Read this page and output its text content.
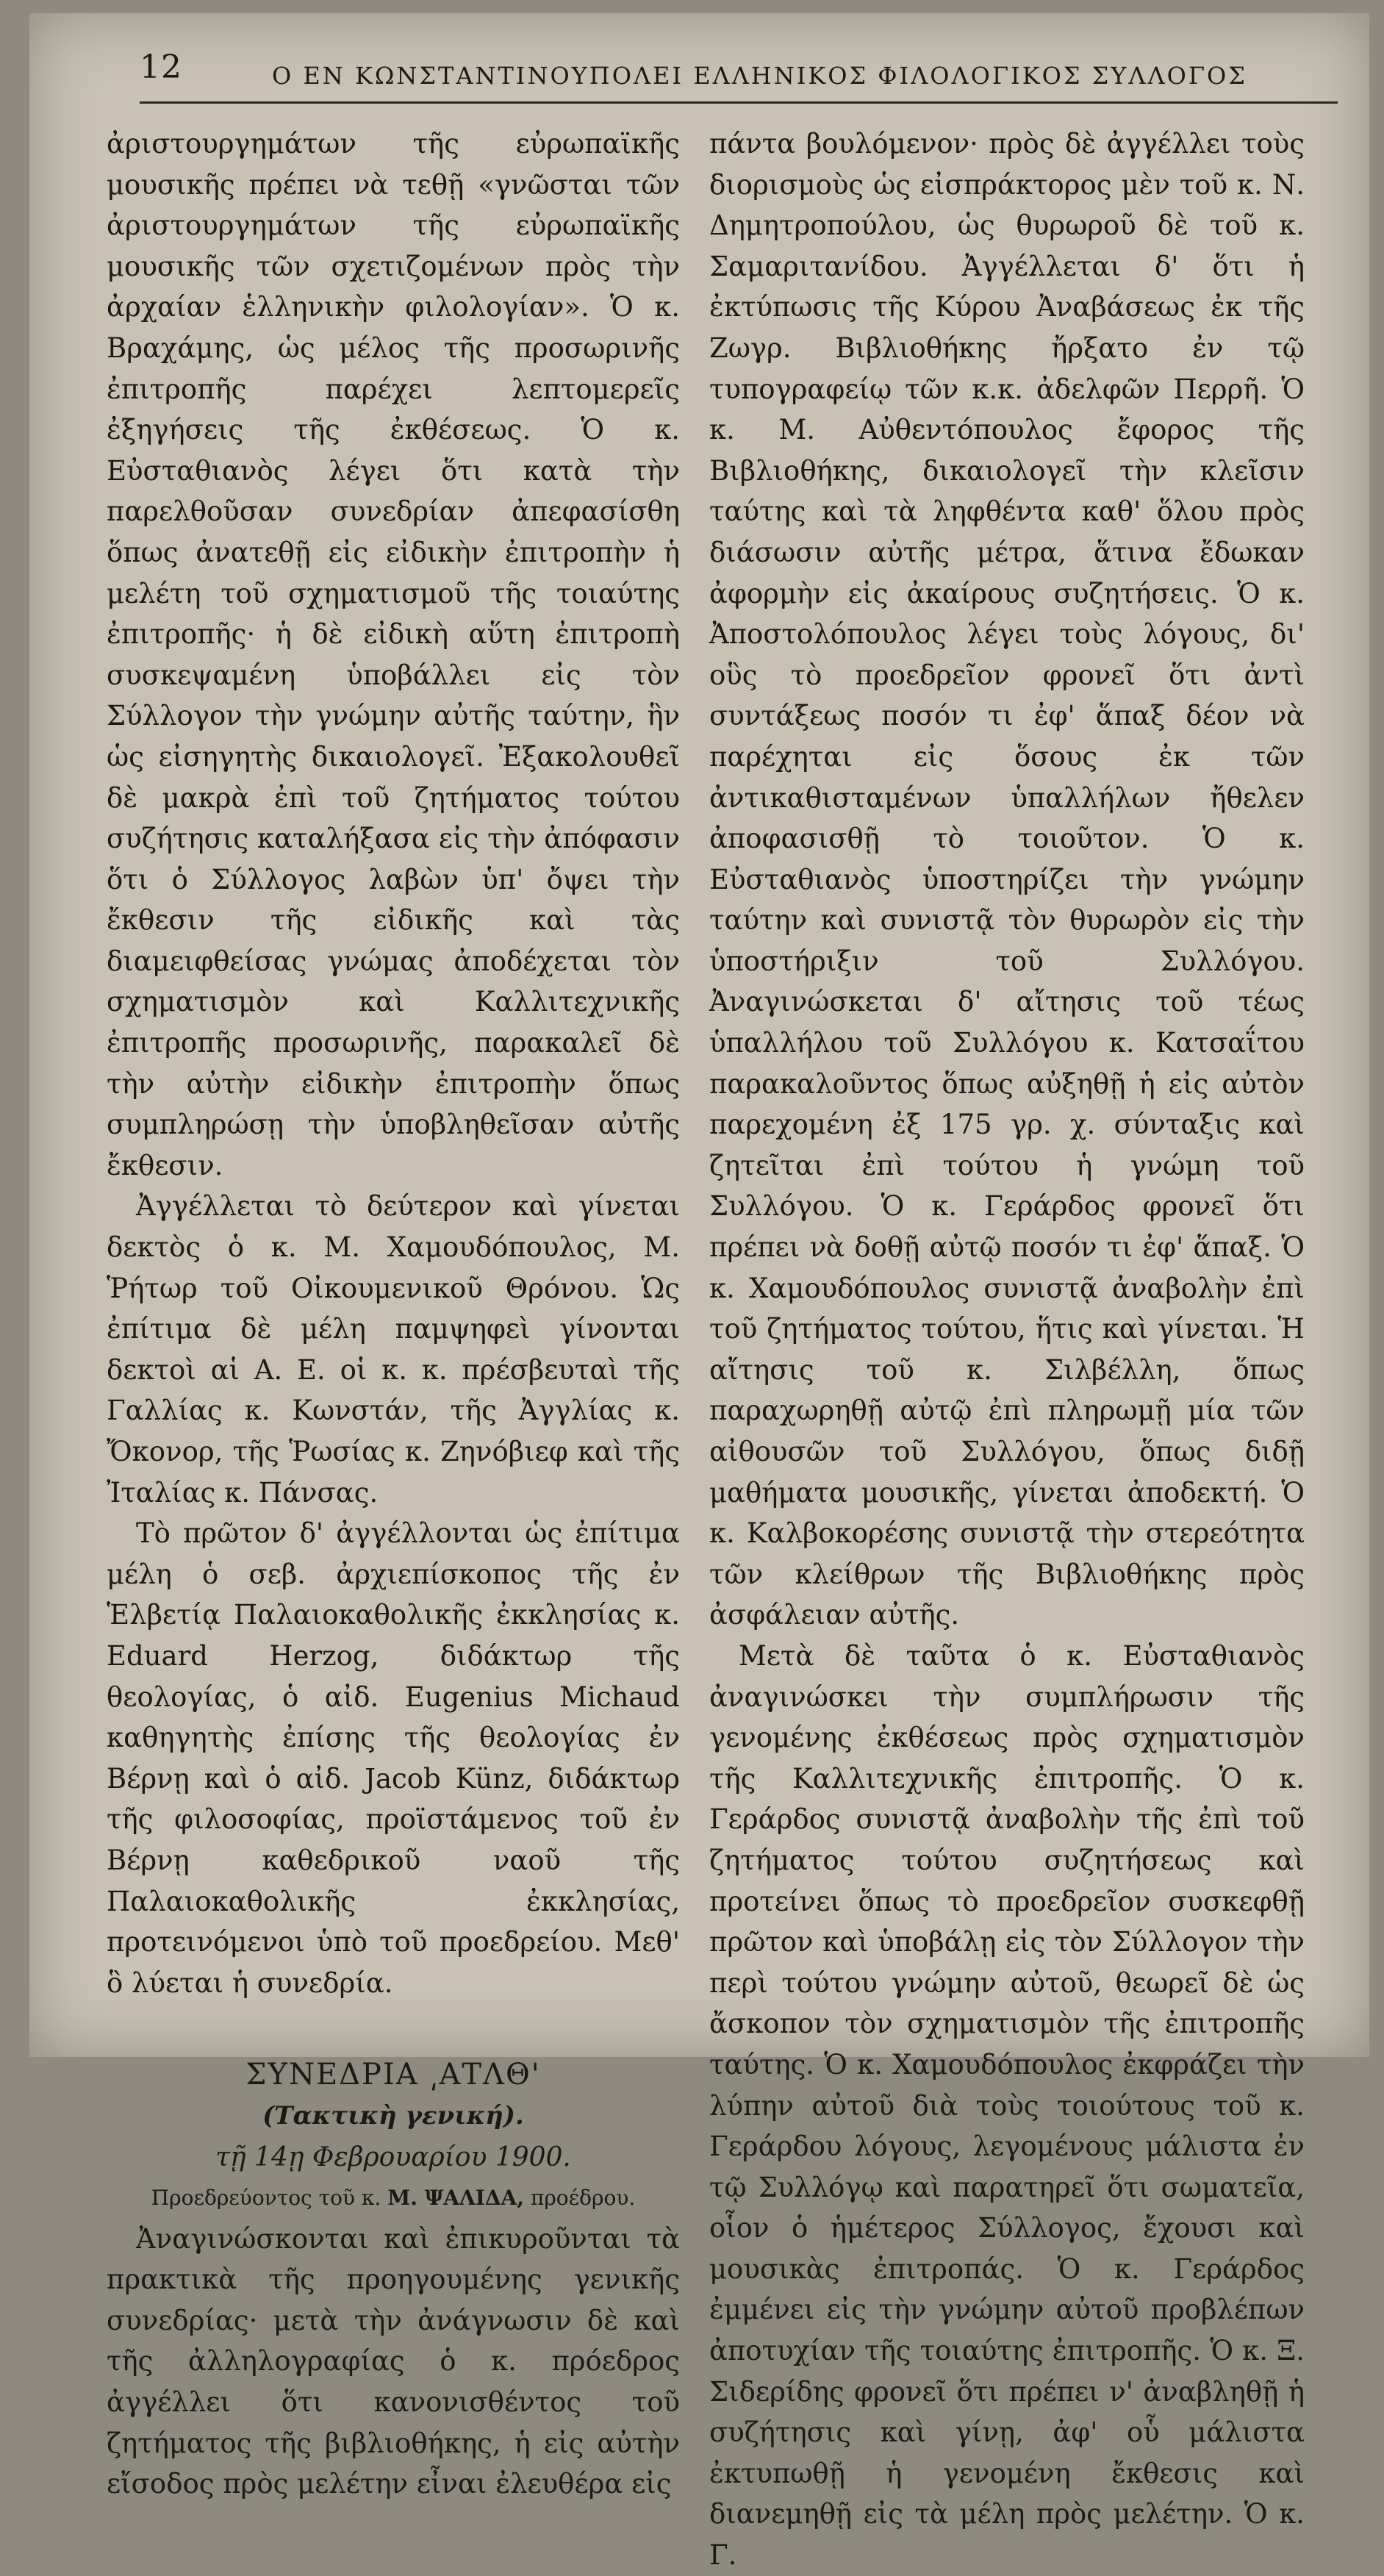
12	Ο ΕΝ ΚΩΝΣΤΑΝΤΙΝΟΥΠΟΛΕΙ ΕΛΛΗΝΙΚΟΣ ΦΙΛΟΛΟΓΙΚΟΣ ΣΥΛΛΟΓΟΣ

ἀριστουργημάτων τῆς εὐρωπαϊκῆς μουσικῆς πρέπει νὰ τεθῇ «γνῶσται τῶν ἀριστουργημάτων τῆς εὐρωπαϊκῆς μουσικῆς τῶν σχετιζομένων πρὸς τὴν ἀρχαίαν ἑλληνικὴν φιλολογίαν». Ὁ κ. Βραχάμης, ὡς μέλος τῆς προσωρινῆς ἐπιτροπῆς παρέχει λεπτομερεῖς ἐξηγήσεις τῆς ἐκθέσεως. Ὁ κ. Εὐσταθιανὸς λέγει ὅτι κατὰ τὴν παρελθοῦσαν συνεδρίαν ἀπεφασίσθη ὅπως ἀνατεθῇ εἰς εἰδικὴν ἐπιτροπὴν ἡ μελέτη τοῦ σχηματισμοῦ τῆς τοιαύτης ἐπιτροπῆς· ἡ δὲ εἰδικὴ αὕτη ἐπιτροπὴ συσκεψαμένη ὑποβάλλει εἰς τὸν Σύλλογον τὴν γνώμην αὐτῆς ταύτην, ἣν ὡς εἰσηγητὴς δικαιολογεῖ. Ἐξακολουθεῖ δὲ μακρὰ ἐπὶ τοῦ ζητήματος τούτου συζήτησις καταλήξασα εἰς τὴν ἀπόφασιν ὅτι ὁ Σύλλογος λαβὼν ὑπ' ὄψει τὴν ἔκθεσιν τῆς εἰδικῆς καὶ τὰς διαμειφθείσας γνώμας ἀποδέχεται τὸν σχηματισμὸν καὶ Καλλιτεχνικῆς ἐπιτροπῆς προσωρινῆς, παρακαλεῖ δὲ τὴν αὐτὴν εἰδικὴν ἐπιτροπὴν ὅπως συμπληρώσῃ τὴν ὑποβληθεῖσαν αὐτῆς ἔκθεσιν.

Ἀγγέλλεται τὸ δεύτερον καὶ γίνεται δεκτὸς ὁ κ. Μ. Χαμουδόπουλος, Μ. Ῥήτωρ τοῦ Οἰκουμενικοῦ Θρόνου. Ὡς ἐπίτιμα δὲ μέλη παμψηφεὶ γίνονται δεκτοὶ αἱ Α. Ε. οἱ κ. κ. πρέσβευταὶ τῆς Γαλλίας κ. Κωνστάν, τῆς Ἀγγλίας κ. Ὄκονορ, τῆς Ῥωσίας κ. Ζηνόβιεφ καὶ τῆς Ἰταλίας κ. Πάνσας.

Τὸ πρῶτον δ' ἀγγέλλονται ὡς ἐπίτιμα μέλη ὁ σεβ. ἀρχιεπίσκοπος τῆς ἐν Ἑλβετίᾳ Παλαιοκαθολικῆς ἐκκλησίας κ. Eduard Herzog, διδάκτωρ τῆς θεολογίας, ὁ αἰδ. Eugenius Michaud καθηγητὴς ἐπίσης τῆς θεολογίας ἐν Βέρνῃ καὶ ὁ αἰδ. Jacob Künz, διδάκτωρ τῆς φιλοσοφίας, προϊστάμενος τοῦ ἐν Βέρνῃ καθεδρικοῦ ναοῦ τῆς Παλαιοκαθολικῆς ἐκκλησίας, προτεινόμενοι ὑπὸ τοῦ προεδρείου. Μεθ' ὃ λύεται ἡ συνεδρία.

ΣΥΝΕΔΡΙΑ ͵ΑΤΛΘ'

(Τακτικὴ γενική).

τῇ 14ῃ Φεβρουαρίου 1900.

Προεδρεύοντος τοῦ κ. Μ. ΨΑΛΙΔΑ, προέδρου.

Ἀναγινώσκονται καὶ ἐπικυροῦνται τὰ πρακτικὰ τῆς προηγουμένης γενικῆς συνεδρίας· μετὰ τὴν ἀνάγνωσιν δὲ καὶ τῆς ἀλληλογραφίας ὁ κ. πρόεδρος ἀγγέλλει ὅτι κανονισθέντος τοῦ ζητήματος τῆς βιβλιοθήκης, ἡ εἰς αὐτὴν εἴσοδος πρὸς μελέτην εἶναι ἐλευθέρα εἰς

πάντα βουλόμενον· πρὸς δὲ ἀγγέλλει τοὺς διορισμοὺς ὡς εἰσπράκτορος μὲν τοῦ κ. Ν. Δημητροπούλου, ὡς θυρωροῦ δὲ τοῦ κ. Σαμαριτανίδου. Ἀγγέλλεται δ' ὅτι ἡ ἐκτύπωσις τῆς Κύρου Ἀναβάσεως ἐκ τῆς Ζωγρ. Βιβλιοθήκης ἤρξατο ἐν τῷ τυπογραφείῳ τῶν κ.κ. ἀδελφῶν Περρῆ. Ὁ κ. Μ. Αὐθεντόπουλος ἔφορος τῆς Βιβλιοθήκης, δικαιολογεῖ τὴν κλεῖσιν ταύτης καὶ τὰ ληφθέντα καθ' ὅλου πρὸς διάσωσιν αὐτῆς μέτρα, ἅτινα ἔδωκαν ἀφορμὴν εἰς ἀκαίρους συζητήσεις. Ὁ κ. Ἀποστολόπουλος λέγει τοὺς λόγους, δι' οὓς τὸ προεδρεῖον φρονεῖ ὅτι ἀντὶ συντάξεως ποσόν τι ἐφ' ἅπαξ δέον νὰ παρέχηται εἰς ὅσους ἐκ τῶν ἀντικαθισταμένων ὑπαλλήλων ἤθελεν ἀποφασισθῇ τὸ τοιοῦτον. Ὁ κ. Εὐσταθιανὸς ὑποστηρίζει τὴν γνώμην ταύτην καὶ συνιστᾷ τὸν θυρωρὸν εἰς τὴν ὑποστήριξιν τοῦ Συλλόγου. Ἀναγινώσκεται δ' αἴτησις τοῦ τέως ὑπαλλήλου τοῦ Συλλόγου κ. Κατσαΐτου παρακαλοῦντος ὅπως αὐξηθῇ ἡ εἰς αὐτὸν παρεχομένη ἐξ 175 γρ. χ. σύνταξις καὶ ζητεῖται ἐπὶ τούτου ἡ γνώμη τοῦ Συλλόγου. Ὁ κ. Γεράρδος φρονεῖ ὅτι πρέπει νὰ δοθῇ αὐτῷ ποσόν τι ἐφ' ἅπαξ. Ὁ κ. Χαμουδόπουλος συνιστᾷ ἀναβολὴν ἐπὶ τοῦ ζητήματος τούτου, ἥτις καὶ γίνεται. Ἡ αἴτησις τοῦ κ. Σιλβέλλη, ὅπως παραχωρηθῇ αὐτῷ ἐπὶ πληρωμῇ μία τῶν αἰθουσῶν τοῦ Συλλόγου, ὅπως διδῇ μαθήματα μουσικῆς, γίνεται ἀποδεκτή. Ὁ κ. Καλβοκορέσης συνιστᾷ τὴν στερεότητα τῶν κλείθρων τῆς Βιβλιοθήκης πρὸς ἀσφάλειαν αὐτῆς.

Μετὰ δὲ ταῦτα ὁ κ. Εὐσταθιανὸς ἀναγινώσκει τὴν συμπλήρωσιν τῆς γενομένης ἐκθέσεως πρὸς σχηματισμὸν τῆς Καλλιτεχνικῆς ἐπιτροπῆς. Ὁ κ. Γεράρδος συνιστᾷ ἀναβολὴν τῆς ἐπὶ τοῦ ζητήματος τούτου συζητήσεως καὶ προτείνει ὅπως τὸ προεδρεῖον συσκεφθῇ πρῶτον καὶ ὑποβάλῃ εἰς τὸν Σύλλογον τὴν περὶ τούτου γνώμην αὐτοῦ, θεωρεῖ δὲ ὡς ἄσκοπον τὸν σχηματισμὸν τῆς ἐπιτροπῆς ταύτης. Ὁ κ. Χαμουδόπουλος ἐκφράζει τὴν λύπην αὐτοῦ διὰ τοὺς τοιούτους τοῦ κ. Γεράρδου λόγους, λεγομένους μάλιστα ἐν τῷ Συλλόγῳ καὶ παρατηρεῖ ὅτι σωματεῖα, οἷον ὁ ἡμέτερος Σύλλογος, ἔχουσι καὶ μουσικὰς ἐπιτροπάς. Ὁ κ. Γεράρδος ἐμμένει εἰς τὴν γνώμην αὐτοῦ προβλέπων ἀποτυχίαν τῆς τοιαύτης ἐπιτροπῆς. Ὁ κ. Ξ. Σιδερίδης φρονεῖ ὅτι πρέπει ν' ἀναβληθῇ ἡ συζήτησις καὶ γίνῃ, ἀφ' οὗ μάλιστα ἐκτυπωθῇ ἡ γενομένη ἔκθεσις καὶ διανεμηθῇ εἰς τὰ μέλη πρὸς μελέτην. Ὁ κ. Γ.
